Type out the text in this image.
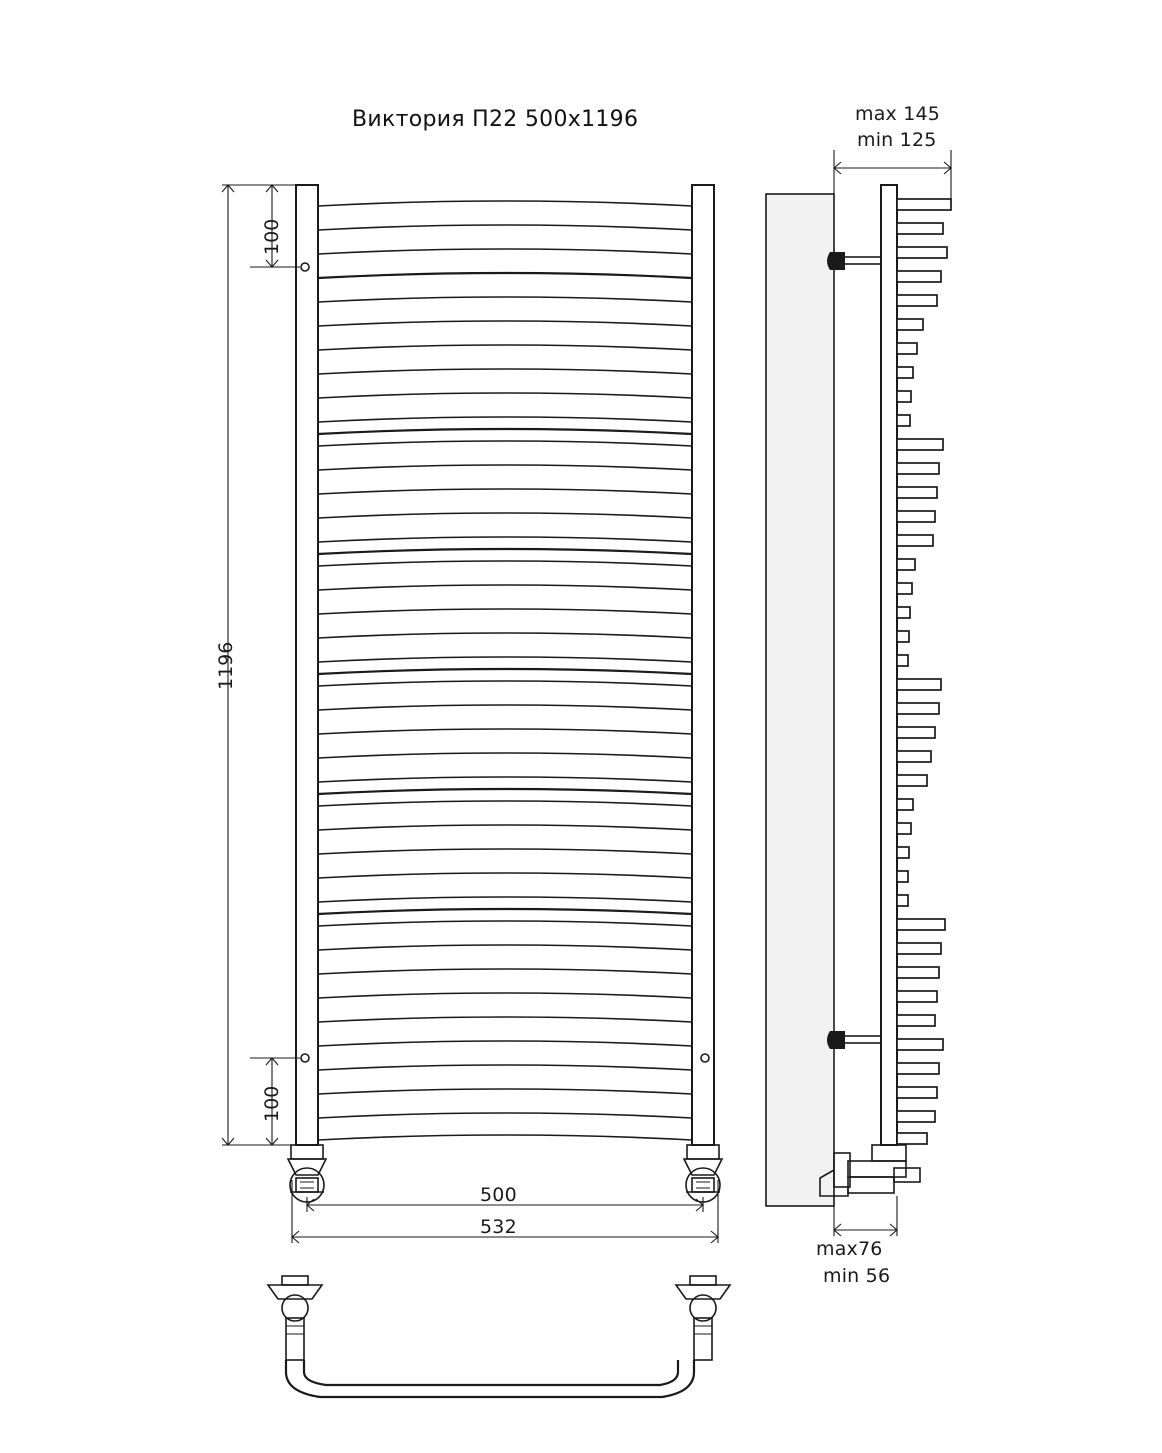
Виктория П22 500х1196	max 145
min 125
100
1196
100
500
532
max76
min 56
